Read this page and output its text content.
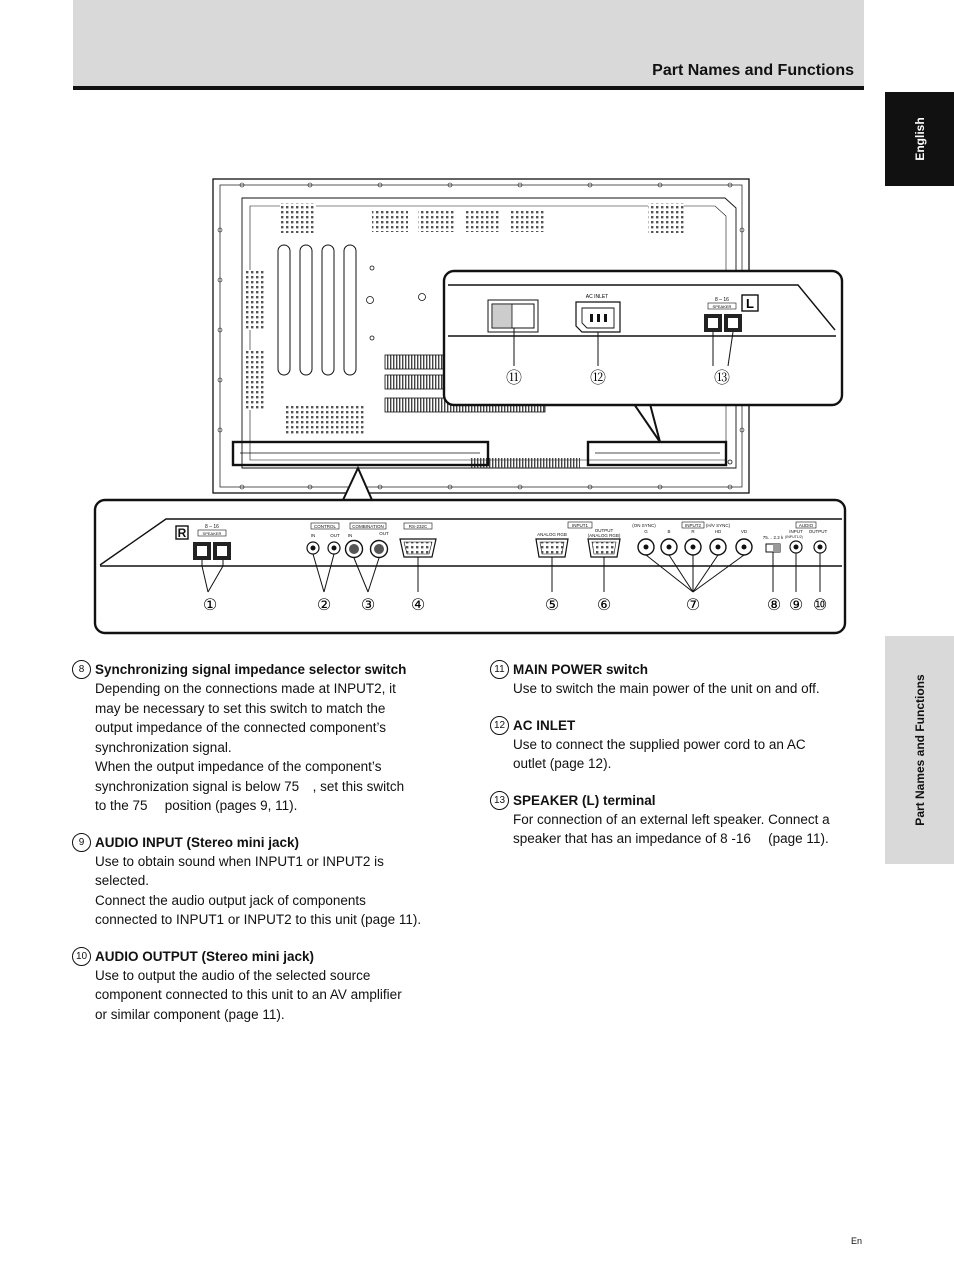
Part Names and Functions
English
Part Names and Functions
AC INLET	8 – 16
SPEAKER L
⑪	⑫	⑬
R	8 – 16
SPEAKER
CONTROL
IN	OUT
COMBINATION
IN	OUT
RS-232C	INPUT1
ANALOG RGB
OUTPUT
(ANALOG RGB)
(ON SYNC)	INPUT2 (H/V SYNC)
G	B	R	HD	VD
75… 2.2 k
AUDIO
INPUT
(INPUT1/2)
OUTPUT
①	② ③ ④	⑤ ⑥	⑦	⑧ ⑨ ⑩
8 Synchronizing signal impedance selector switch

Depending on the connections made at INPUT2, it

may be necessary to set this switch to match the

output impedance of the connected component’s

synchronization signal.

When the output impedance of the component’s

synchronization signal is below 75 , set this switch

to the 75  position (pages 9, 11).

9 AUDIO INPUT (Stereo mini jack)

Use to obtain sound when INPUT1 or INPUT2 is

selected.

Connect the audio output jack of components

connected to INPUT1 or INPUT2 to this unit (page 11).

10 AUDIO OUTPUT (Stereo mini jack)

Use to output the audio of the selected source

component connected to this unit to an AV amplifier

or similar component (page 11).

11 MAIN POWER switch

Use to switch the main power of the unit on and off.

12 AC INLET

Use to connect the supplied power cord to an AC

outlet (page 12).

13 SPEAKER (L) terminal

For connection of an external left speaker. Connect a

speaker that has an impedance of 8 -16  (page 11).

En
